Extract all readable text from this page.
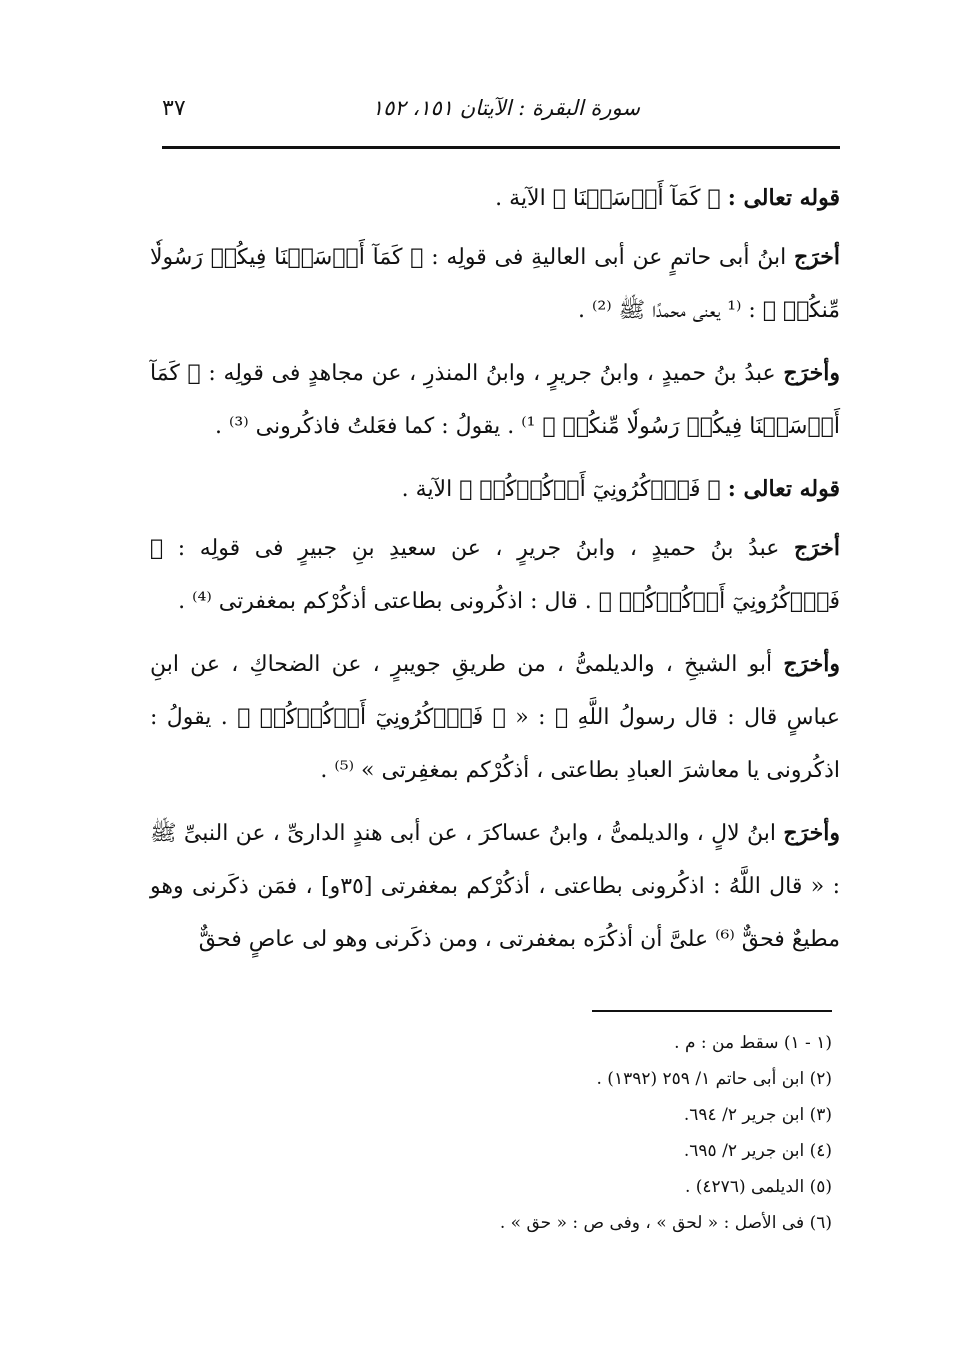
٣٧	سورة البقرة : الآيتان ١٥١، ١٥٢

قوله تعالى : ﴿ كَمَآ أَرۡسَلۡنَا ﴾ الآية .

أخرَج ابنُ أبى حاتمٍ عن أبى العاليةِ فى قولِه : ﴿ كَمَآ أَرۡسَلۡنَا فِيكُمۡ رَسُولٗا مِّنكُمۡ ﴾ : ⁽¹ يعنى محمدًا ﷺ ⁽²⁾ .

وأخرَج عبدُ بنُ حميدٍ ، وابنُ جريرٍ ، وابنُ المنذرِ ، عن مجاهدٍ فى قولِه : ﴿ كَمَآ أَرۡسَلۡنَا فِيكُمۡ رَسُولٗا مِّنكُمۡ ﴾ ¹⁾ . يقولُ : كما فعَلتُ فاذكُرونى ⁽³⁾ .

قوله تعالى : ﴿ فَٱذۡكُرُونِيٓ أَذۡكُرۡكُمۡ ﴾ الآية .

أخرَج عبدُ بنُ حميدٍ ، وابنُ جريرٍ ، عن سعيدِ بنِ جبيرٍ فى قولِه : ﴿ فَٱذۡكُرُونِيٓ أَذۡكُرۡكُمۡ ﴾ . قال : اذكُرونى بطاعتى أذكُرْكم بمغفرتى ⁽⁴⁾ .

وأخرَج أبو الشيخِ ، والديلمىُّ ، من طريقِ جويبرٍ ، عن الضحاكِ ، عن ابنِ عباسٍ قال : قال رسولُ اللَّهِ ﷺ : « ﴿ فَٱذۡكُرُونِيٓ أَذۡكُرۡكُمۡ ﴾ . يقولُ : اذكُرونى يا معاشرَ العبادِ بطاعتى ، أذكُرْكم بمغفِرتى » ⁽⁵⁾ .

وأخرَج ابنُ لالٍ ، والديلمىُّ ، وابنُ عساكرَ ، عن أبى هندٍ الدارىِّ ، عن النبىِّ ﷺ : « قال اللَّهُ : اذكُرونى بطاعتى ، أذكُرْكم بمغفرتى [٣٥و] ، فمَن ذكَرنى وهو مطيعٌ فحقٌّ ⁽⁶⁾ علىَّ أن أذكُرَه بمغفرتى ، ومن ذكَرنى وهو لى عاصٍ فحقٌّ

(١ - ١) سقط من : م .
(٢) ابن أبى حاتم ١/ ٢٥٩ (١٣٩٢) .
(٣) ابن جرير ٢/ ٦٩٤.
(٤) ابن جرير ٢/ ٦٩٥.
(٥) الديلمى (٤٢٧٦) .
(٦) فى الأصل : « لحق » ، وفى ص : « حق » .
